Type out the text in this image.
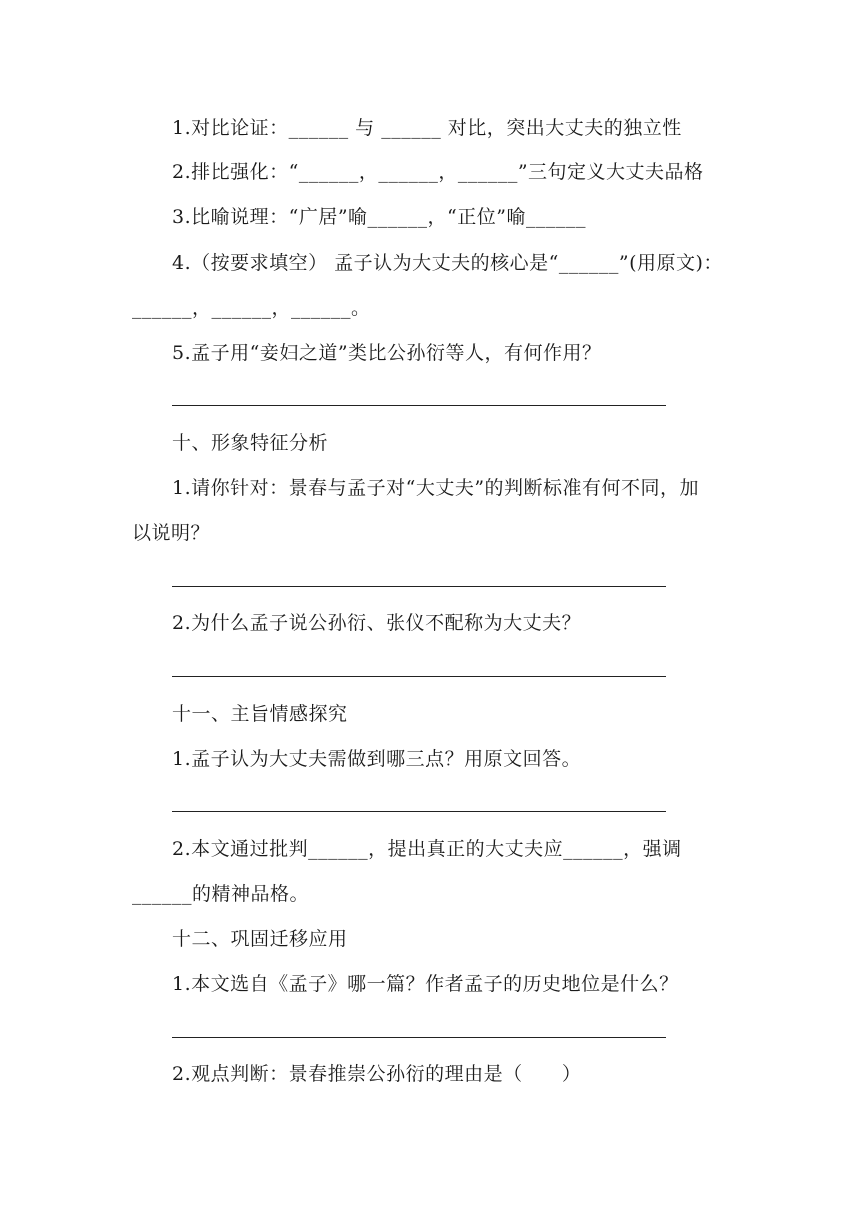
1.对比论证：______ 与 ______ 对比，突出大丈夫的独立性
2.排比强化：“______，______，______”三句定义大丈夫品格
3.比喻说理：“广居”喻______，“正位”喻______
4.（按要求填空） 孟子认为大丈夫的核心是“______”(用原文)：
______，______，______。
5.孟子用“妾妇之道”类比公孙衍等人，有何作用？
十、形象特征分析
1.请你针对：景春与孟子对“大丈夫”的判断标准有何不同，加
以说明？
2.为什么孟子说公孙衍、张仪不配称为大丈夫？
十一、主旨情感探究
1.孟子认为大丈夫需做到哪三点？用原文回答。
2.本文通过批判______，提出真正的大丈夫应______，强调
______的精神品格。
十二、巩固迁移应用
1.本文选自《孟子》哪一篇？作者孟子的历史地位是什么？
2.观点判断：景春推崇公孙衍的理由是（      ）
